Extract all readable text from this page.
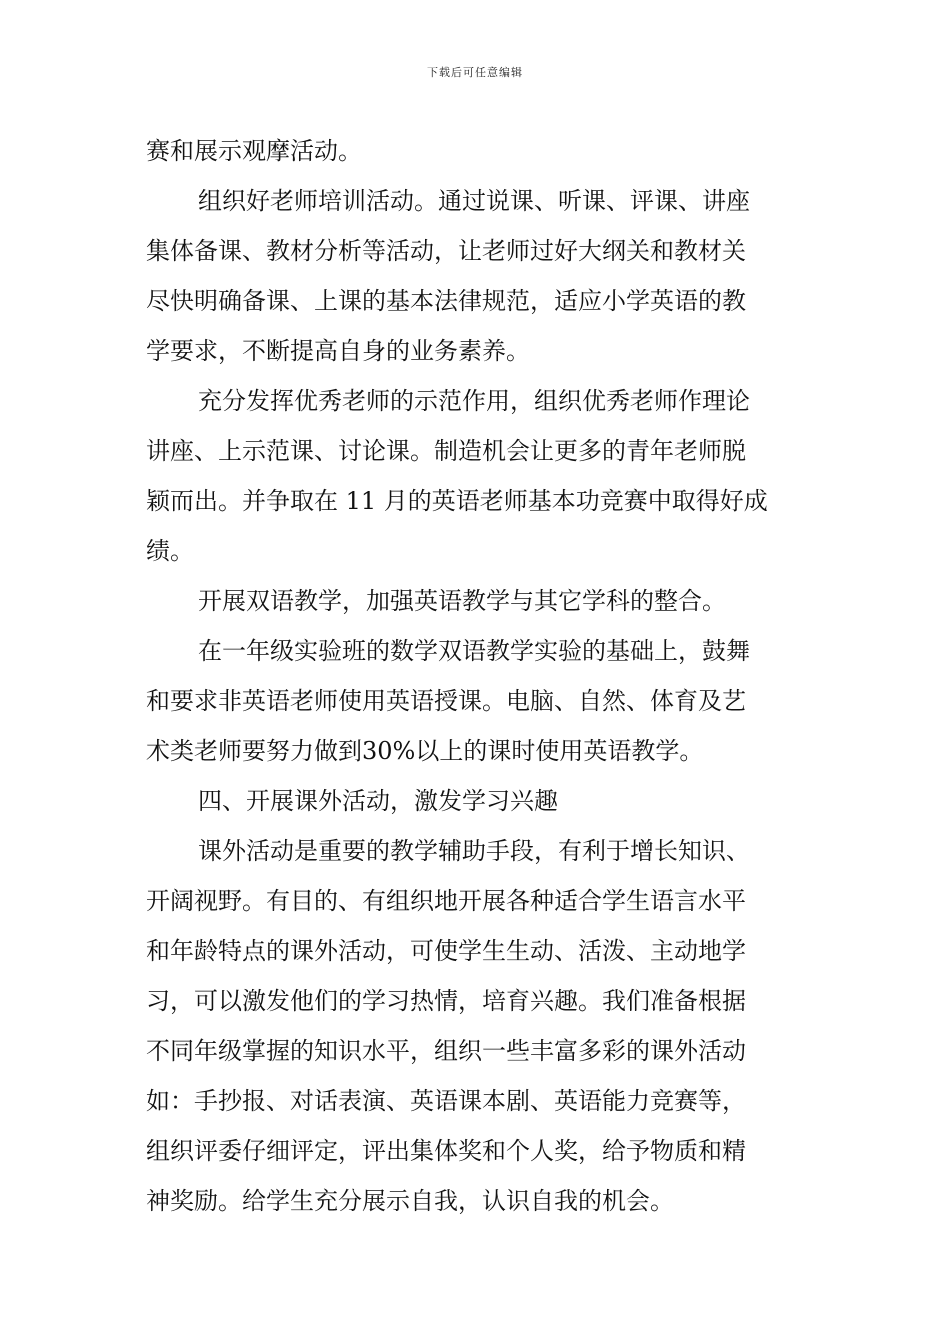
下载后可任意编辑
赛和展示观摩活动。
组织好老师培训活动。通过说课、听课、评课、讲座
集体备课、教材分析等活动，让老师过好大纲关和教材关
尽快明确备课、上课的基本法律规范，适应小学英语的教
学要求，不断提高自身的业务素养。
充分发挥优秀老师的示范作用，组织优秀老师作理论
讲座、上示范课、讨论课。制造机会让更多的青年老师脱
颖而出。并争取在 11 月的英语老师基本功竞赛中取得好成
绩。
开展双语教学，加强英语教学与其它学科的整合。
在一年级实验班的数学双语教学实验的基础上，鼓舞
和要求非英语老师使用英语授课。电脑、自然、体育及艺
术类老师要努力做到30%以上的课时使用英语教学。
四、开展课外活动，激发学习兴趣
课外活动是重要的教学辅助手段，有利于增长知识、
开阔视野。有目的、有组织地开展各种适合学生语言水平
和年龄特点的课外活动，可使学生生动、活泼、主动地学
习，可以激发他们的学习热情，培育兴趣。我们准备根据
不同年级掌握的知识水平，组织一些丰富多彩的课外活动
如：手抄报、对话表演、英语课本剧、英语能力竞赛等，
组织评委仔细评定，评出集体奖和个人奖，给予物质和精
神奖励。给学生充分展示自我，认识自我的机会。
